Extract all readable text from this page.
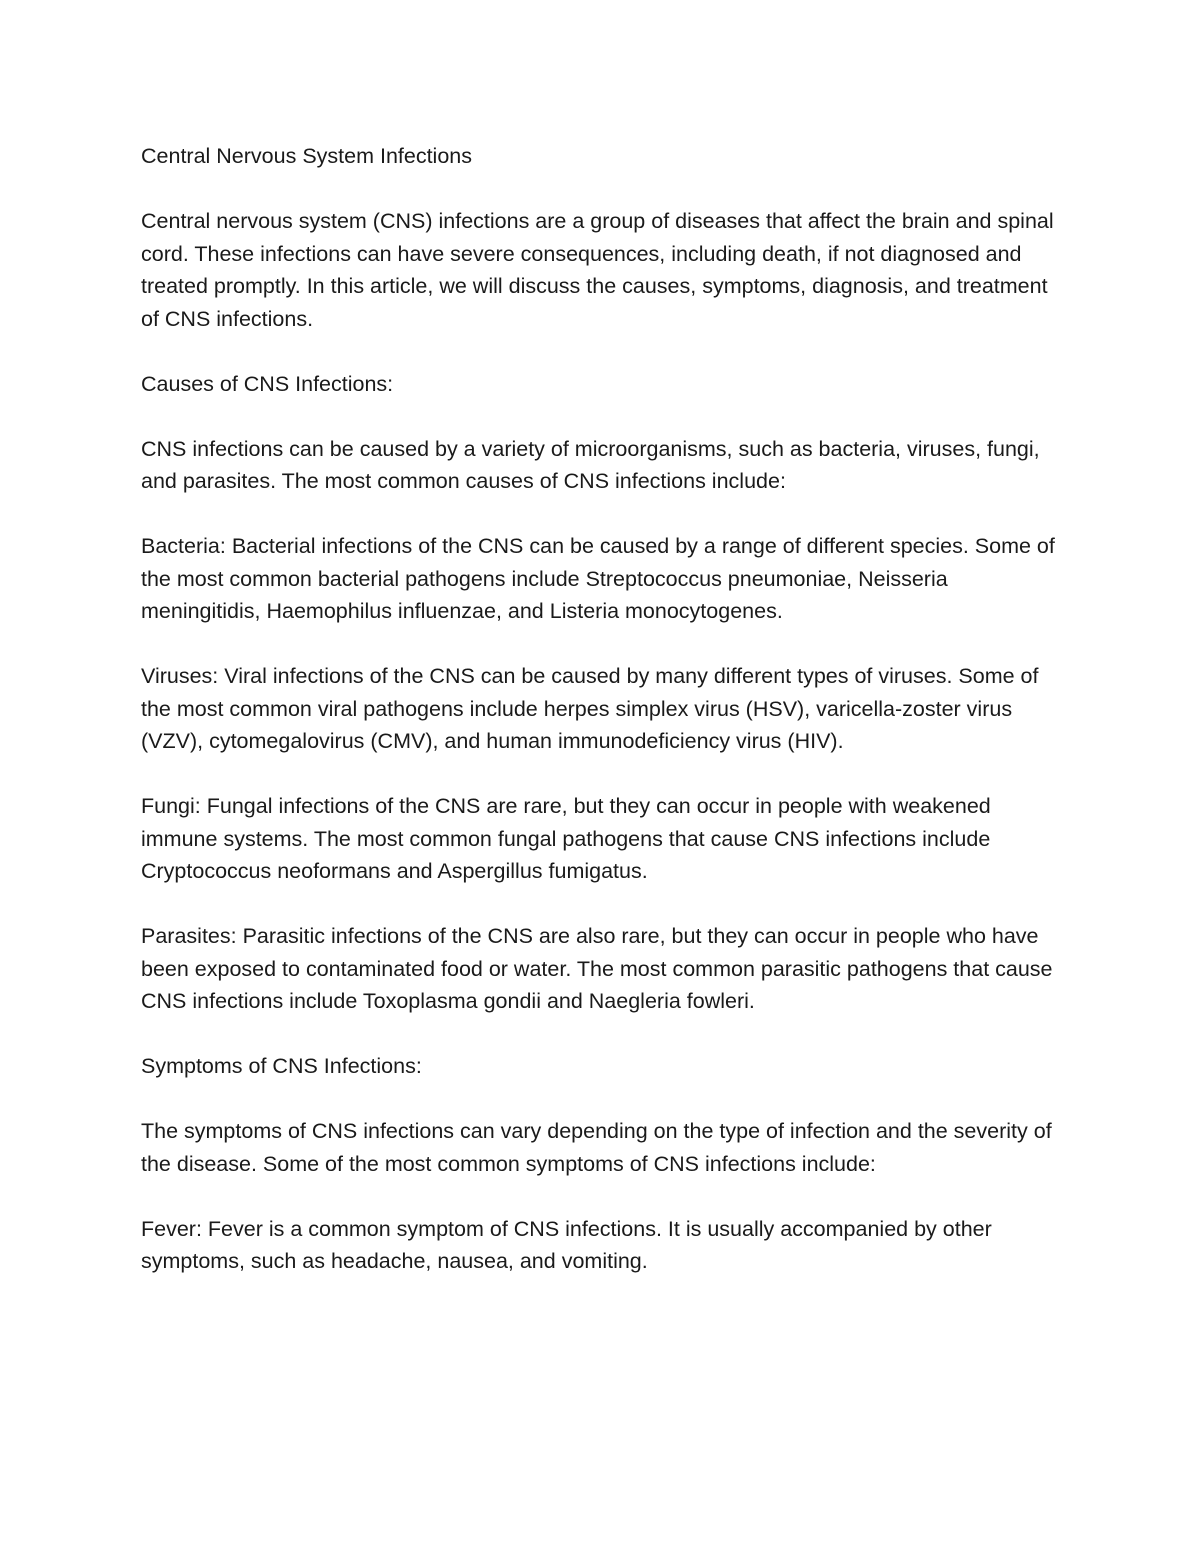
Central Nervous System Infections

Central nervous system (CNS) infections are a group of diseases that affect the brain and spinal cord. These infections can have severe consequences, including death, if not diagnosed and treated promptly. In this article, we will discuss the causes, symptoms, diagnosis, and treatment of CNS infections.

Causes of CNS Infections:

CNS infections can be caused by a variety of microorganisms, such as bacteria, viruses, fungi, and parasites. The most common causes of CNS infections include:

Bacteria: Bacterial infections of the CNS can be caused by a range of different species. Some of the most common bacterial pathogens include Streptococcus pneumoniae, Neisseria meningitidis, Haemophilus influenzae, and Listeria monocytogenes.

Viruses: Viral infections of the CNS can be caused by many different types of viruses. Some of the most common viral pathogens include herpes simplex virus (HSV), varicella-zoster virus (VZV), cytomegalovirus (CMV), and human immunodeficiency virus (HIV).

Fungi: Fungal infections of the CNS are rare, but they can occur in people with weakened immune systems. The most common fungal pathogens that cause CNS infections include Cryptococcus neoformans and Aspergillus fumigatus.

Parasites: Parasitic infections of the CNS are also rare, but they can occur in people who have been exposed to contaminated food or water. The most common parasitic pathogens that cause CNS infections include Toxoplasma gondii and Naegleria fowleri.

Symptoms of CNS Infections:

The symptoms of CNS infections can vary depending on the type of infection and the severity of the disease. Some of the most common symptoms of CNS infections include:

Fever: Fever is a common symptom of CNS infections. It is usually accompanied by other symptoms, such as headache, nausea, and vomiting.
